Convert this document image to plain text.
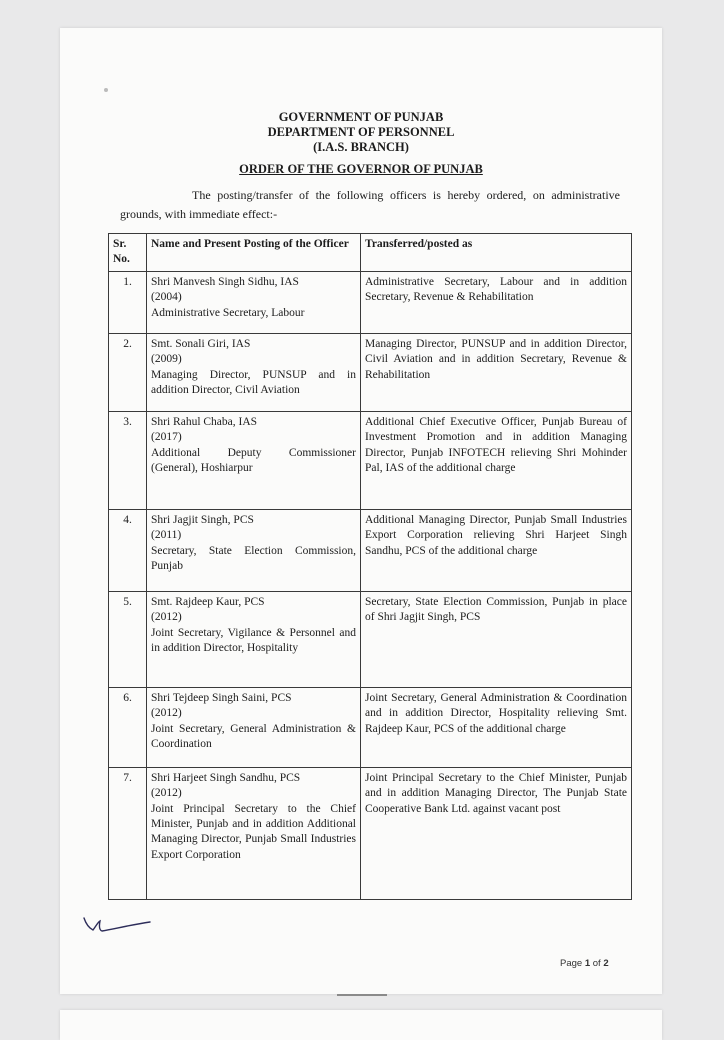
GOVERNMENT OF PUNJAB
DEPARTMENT OF PERSONNEL
(I.A.S. BRANCH)
ORDER OF THE GOVERNOR OF PUNJAB
The posting/transfer of the following officers is hereby ordered, on administrative grounds, with immediate effect:-
Sr. No.	Name and Present Posting of the Officer	Transferred/posted as
1.	Shri Manvesh Singh Sidhu, IAS
(2004)
Administrative Secretary, Labour	Administrative Secretary, Labour and in addition Secretary, Revenue & Rehabilitation
2.	Smt. Sonali Giri, IAS
(2009)
Managing Director, PUNSUP and in addition Director, Civil Aviation	Managing Director, PUNSUP and in addition Director, Civil Aviation and in addition Secretary, Revenue & Rehabilitation
3.	Shri Rahul Chaba, IAS
(2017)
Additional Deputy Commissioner (General), Hoshiarpur	Additional Chief Executive Officer, Punjab Bureau of Investment Promotion and in addition Managing Director, Punjab INFOTECH relieving Shri Mohinder Pal, IAS of the additional charge
4.	Shri Jagjit Singh, PCS
(2011)
Secretary, State Election Commission, Punjab	Additional Managing Director, Punjab Small Industries Export Corporation relieving Shri Harjeet Singh Sandhu, PCS of the additional charge
5.	Smt. Rajdeep Kaur, PCS
(2012)
Joint Secretary, Vigilance & Personnel and in addition Director, Hospitality	Secretary, State Election Commission, Punjab in place of Shri Jagjit Singh, PCS
6.	Shri Tejdeep Singh Saini, PCS
(2012)
Joint Secretary, General Administration & Coordination	Joint Secretary, General Administration & Coordination and in addition Director, Hospitality relieving Smt. Rajdeep Kaur, PCS of the additional charge
7.	Shri Harjeet Singh Sandhu, PCS
(2012)
Joint Principal Secretary to the Chief Minister, Punjab and in addition Additional Managing Director, Punjab Small Industries Export Corporation	Joint Principal Secretary to the Chief Minister, Punjab and in addition Managing Director, The Punjab State Cooperative Bank Ltd. against vacant post
Page 1 of 2
